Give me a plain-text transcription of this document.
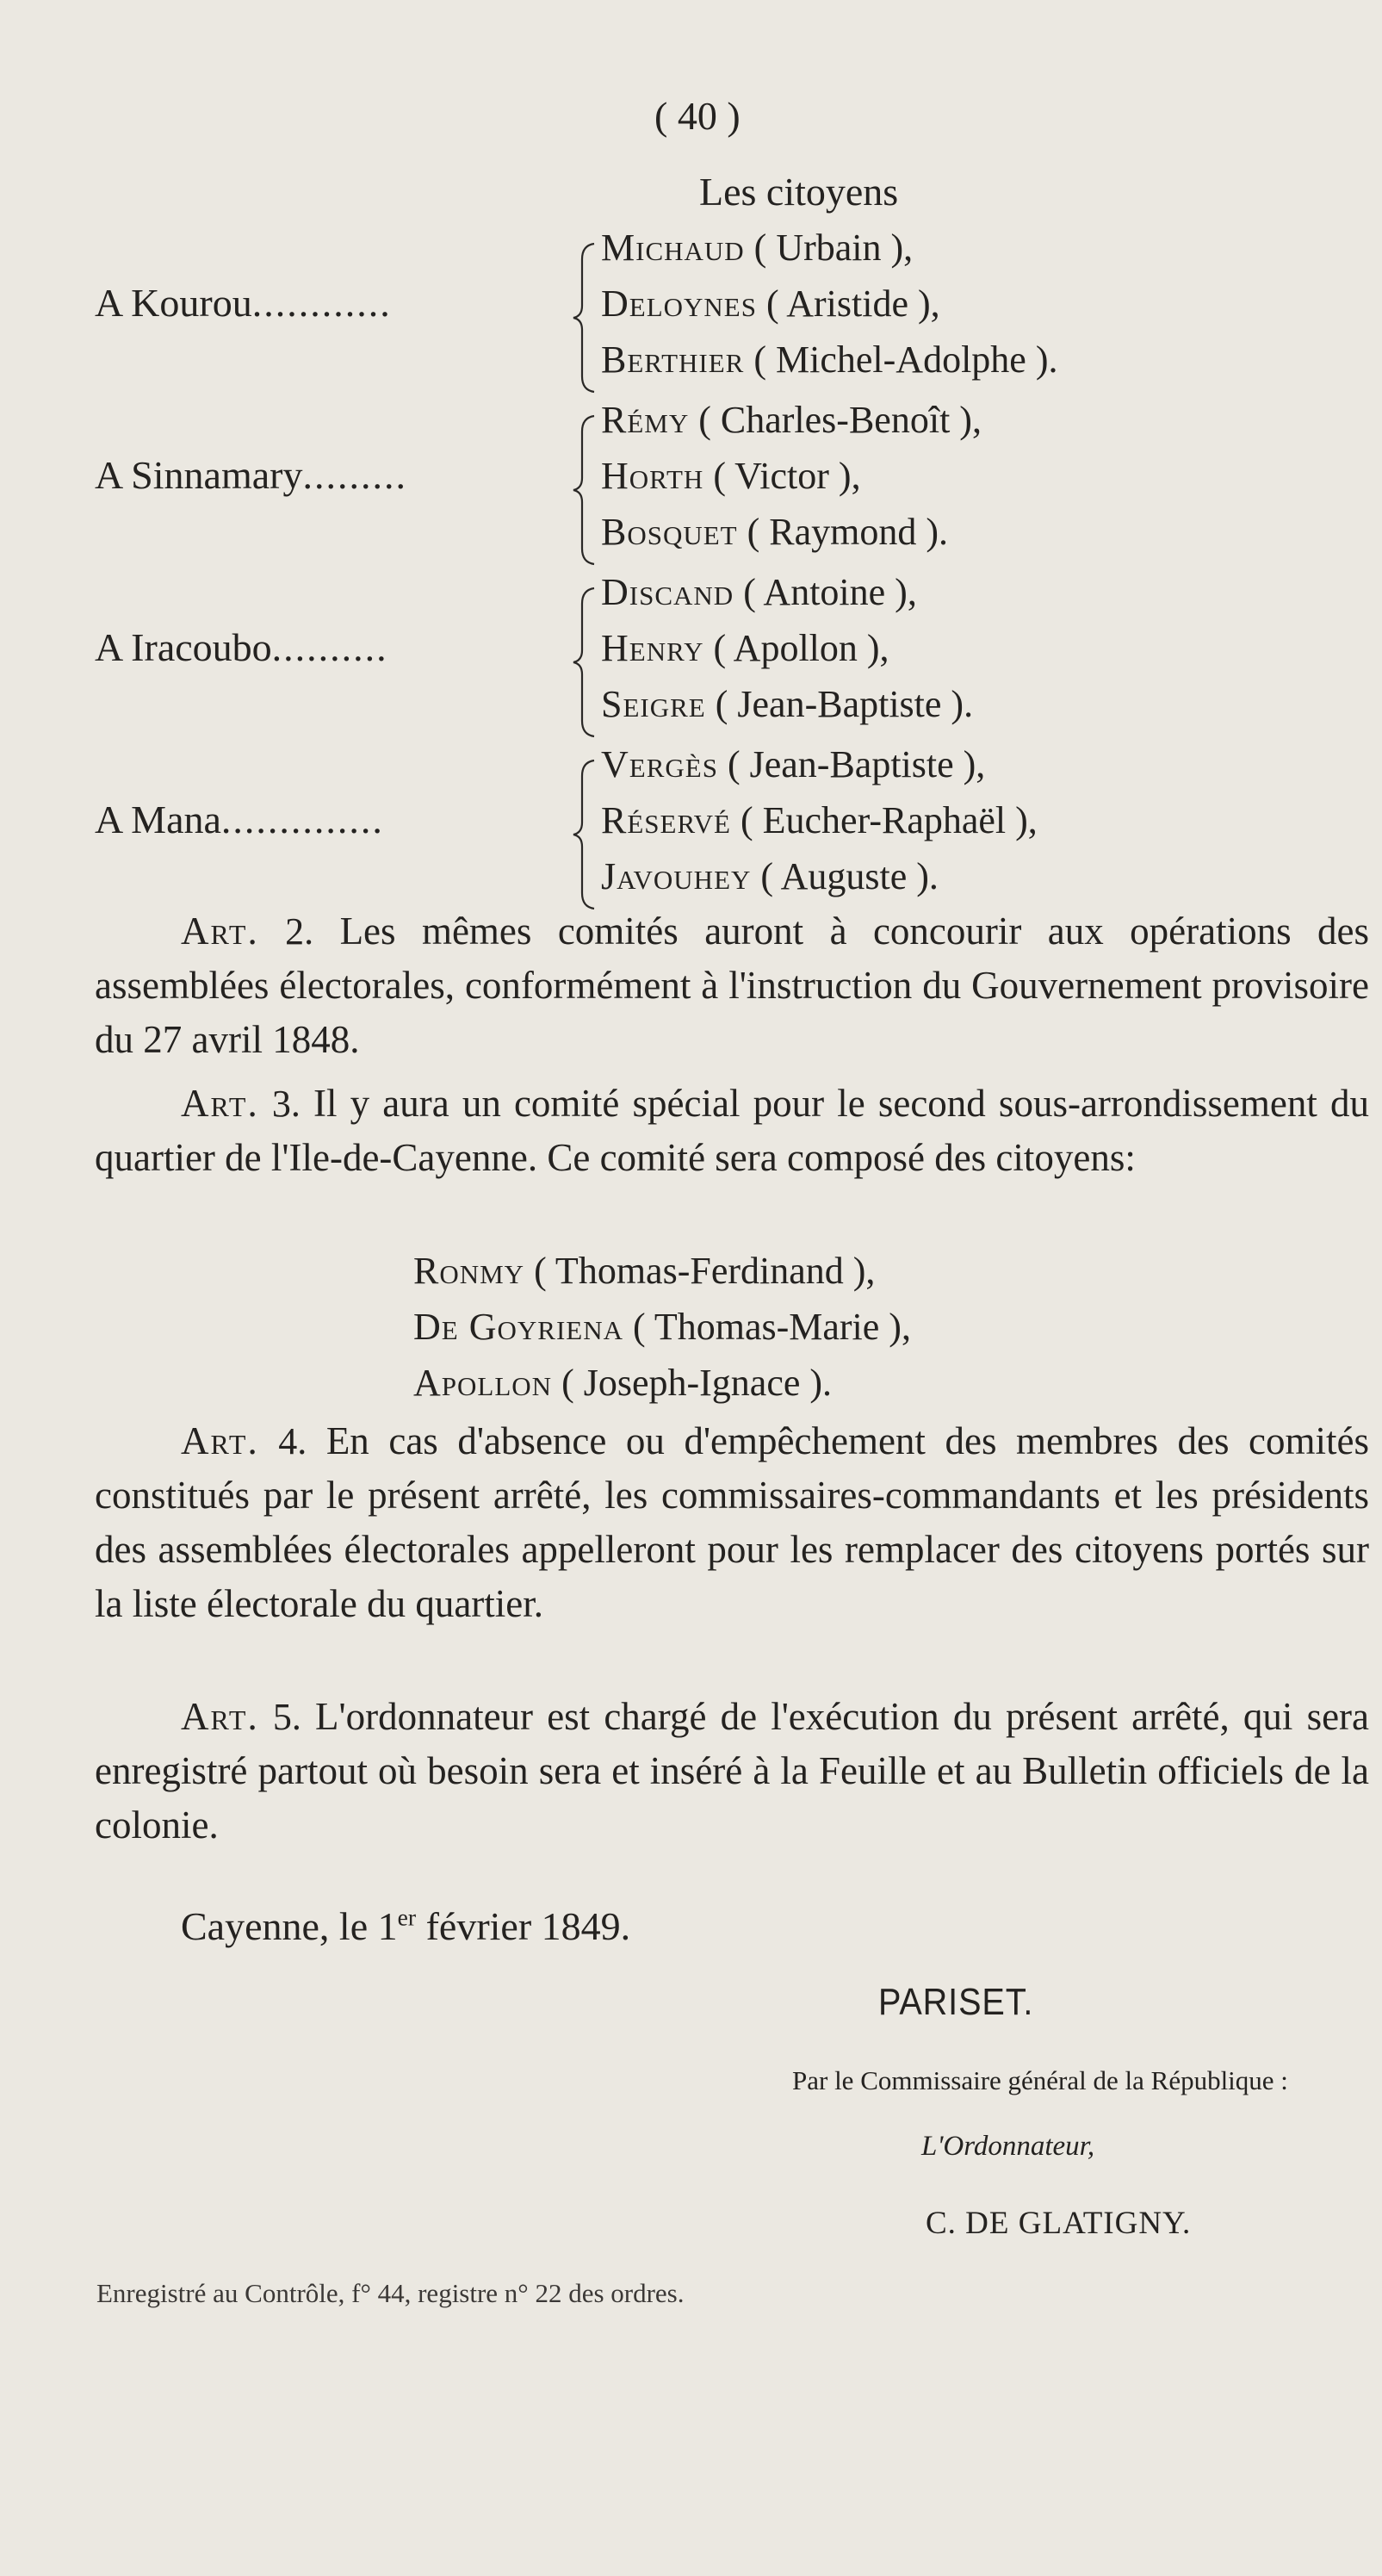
( 40 )
Les citoyens
A Kourou............
Michaud ( Urbain ),
Deloynes ( Aristide ),
Berthier ( Michel-Adolphe ).
A Sinnamary.........
Rémy ( Charles-Benoît ),
Horth ( Victor ),
Bosquet ( Raymond ).
A Iracoubo..........
Discand ( Antoine ),
Henry ( Apollon ),
Seigre ( Jean-Baptiste ).
A Mana..............
Vergès ( Jean-Baptiste ),
Réservé ( Eucher-Raphaël ),
Javouhey ( Auguste ).
Art. 2. Les mêmes comités auront à concourir aux opérations des assemblées électorales, conformément à l'instruction du Gouvernement provisoire du 27 avril 1848.
Art. 3. Il y aura un comité spécial pour le second sous-arrondissement du quartier de l'Ile-de-Cayenne. Ce comité sera composé des citoyens:
Ronmy ( Thomas-Ferdinand ),
De Goyriena ( Thomas-Marie ),
Apollon ( Joseph-Ignace ).
Art. 4. En cas d'absence ou d'empêchement des membres des comités constitués par le présent arrêté, les commissaires-commandants et les présidents des assemblées électorales appelleront pour les remplacer des citoyens portés sur la liste électorale du quartier.
Art. 5. L'ordonnateur est chargé de l'exécution du présent arrêté, qui sera enregistré partout où besoin sera et inséré à la Feuille et au Bulletin officiels de la colonie.
Cayenne, le 1er février 1849.
PARISET.
Par le Commissaire général de la République :
L'Ordonnateur,
C. DE GLATIGNY.
Enregistré au Contrôle, f° 44, registre n° 22 des ordres.
